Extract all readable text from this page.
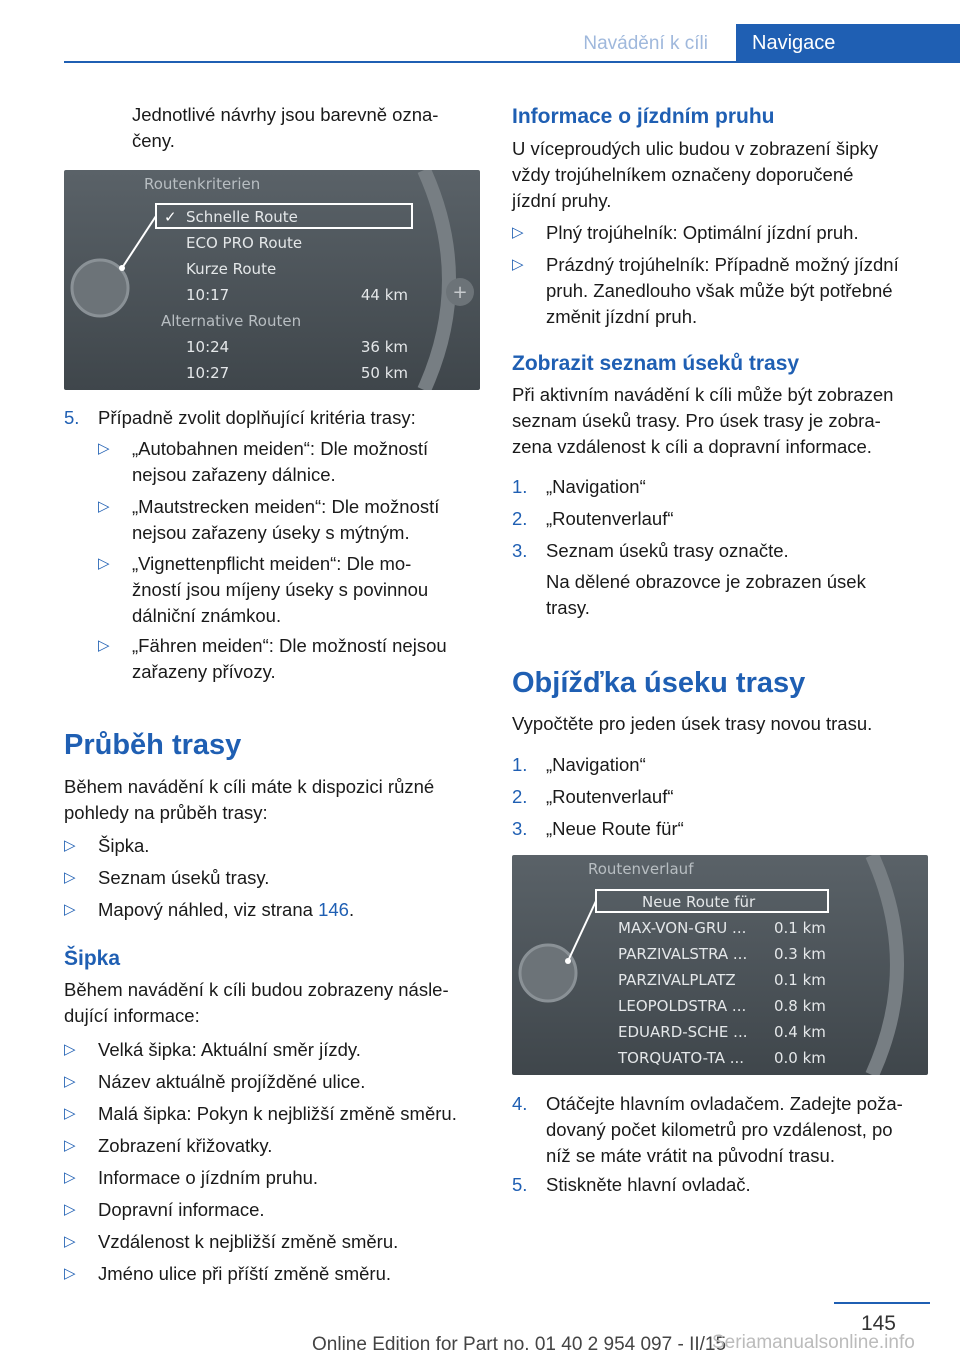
Navádění k cíli	Navigace

Jednotlivé návrhy jsou barevně ozna-

čeny.

+
Routenkriterien
Schnelle Route
ECO PRO Route
Kurze Route
10:17	44 km
Alternative Routen
10:24	36 km
10:27	50 km
✓
5. Případně zvolit doplňující kritéria trasy:
▷ „Autobahnen meiden“: Dle možností

nejsou zařazeny dálnice.

▷ „Mautstrecken meiden“: Dle možností

nejsou zařazeny úseky s mýtným.

▷ „Vignettenpflicht meiden“: Dle mo-

žností jsou míjeny úseky s povinnou

dálniční známkou.

▷ „Fähren meiden“: Dle možností nejsou

zařazeny přívozy.

Průběh trasy

Během navádění k cíli máte k dispozici různé

pohledy na průběh trasy:

▷ Šipka.
▷ Seznam úseků trasy.
▷ Mapový náhled, viz strana 146.
Šipka

Během navádění k cíli budou zobrazeny násle-

dující informace:

▷ Velká šipka: Aktuální směr jízdy.
▷ Název aktuálně projížděné ulice.
▷ Malá šipka: Pokyn k nejbližší změně směru.
▷ Zobrazení křižovatky.
▷ Informace o jízdním pruhu.
▷ Dopravní informace.
▷ Vzdálenost k nejbližší změně směru.
▷ Jméno ulice při příští změně směru.
Informace o jízdním pruhu

U víceproudých ulic budou v zobrazení šipky

vždy trojúhelníkem označeny doporučené

jízdní pruhy.

▷ Plný trojúhelník: Optimální jízdní pruh.

▷ Prázdný trojúhelník: Případně možný jízdní

pruh. Zanedlouho však může být potřebné

změnit jízdní pruh.

Zobrazit seznam úseků trasy

Při aktivním navádění k cíli může být zobrazen

seznam úseků trasy. Pro úsek trasy je zobra-

zena vzdálenost k cíli a dopravní informace.

1. „Navigation“
2. „Routenverlauf“
3. Seznam úseků trasy označte.

Na dělené obrazovce je zobrazen úsek

trasy.

Objížďka úseku trasy

Vypočtěte pro jeden úsek trasy novou trasu.

1. „Navigation“
2. „Routenverlauf“
3. „Neue Route für“
Routenverlauf
Neue Route für
MAX-VON-GRU ... 0.1 km
PARZIVALSTRA ... 0.3 km
PARZIVALPLATZ	0.1 km
LEOPOLDSTRA ... 0.8 km
EDUARD-SCHE ... 0.4 km
TORQUATO-TA ... 0.0 km
4. Otáčejte hlavním ovladačem. Zadejte poža-

dovaný počet kilometrů pro vzdálenost, po

níž se máte vrátit na původní trasu.

5. Stiskněte hlavní ovladač.
145
Online Edition for Part no. 01 40 2 954 097 - II/15
Seriamanualsonline.info
